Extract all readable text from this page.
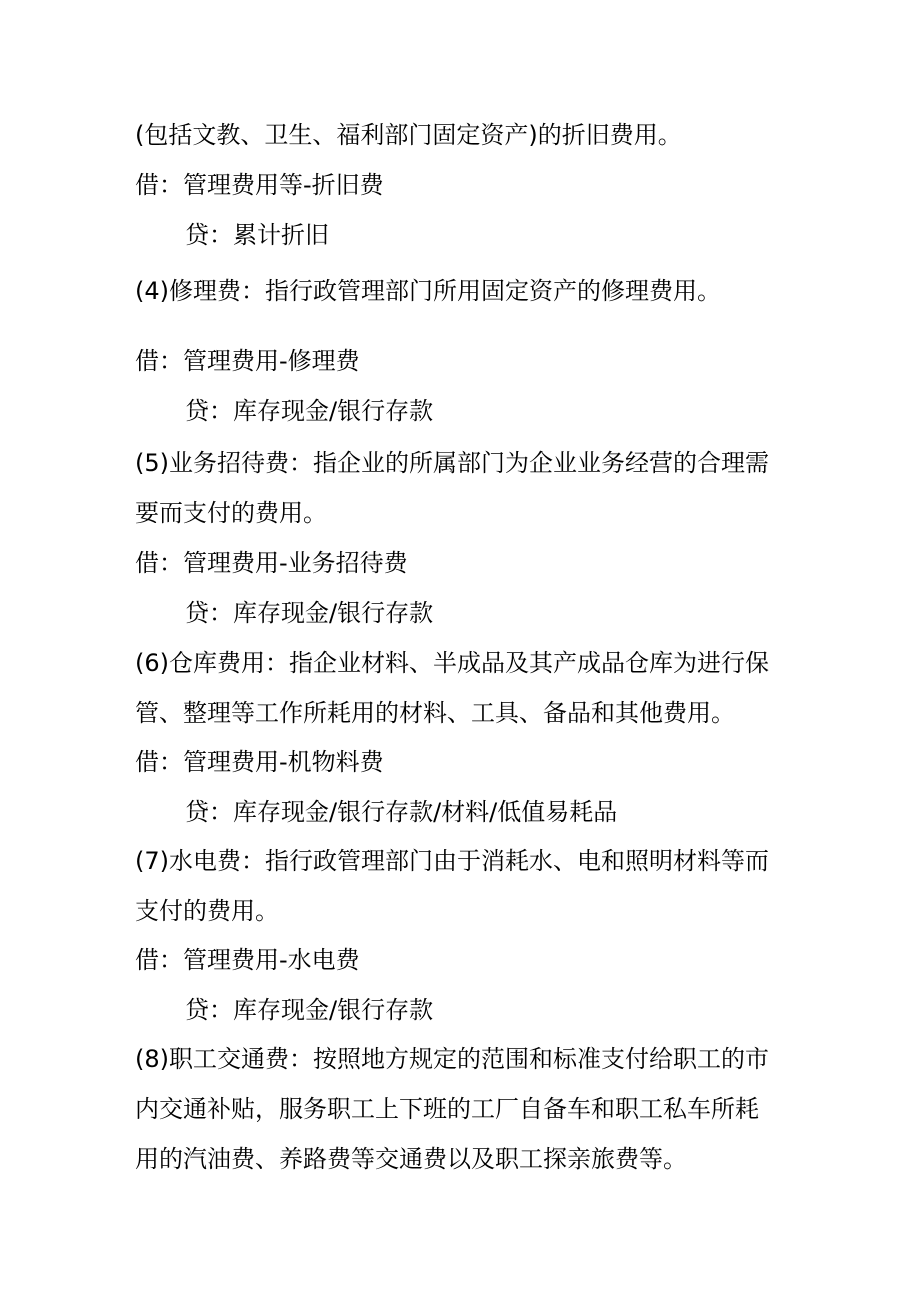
(包括文教、卫生、福利部门固定资产)的折旧费用。
借：管理费用等-折旧费
贷：累计折旧
(4)修理费：指行政管理部门所用固定资产的修理费用。
借：管理费用-修理费
贷：库存现金/银行存款
(5)业务招待费：指企业的所属部门为企业业务经营的合理需
要而支付的费用。
借：管理费用-业务招待费
贷：库存现金/银行存款
(6)仓库费用：指企业材料、半成品及其产成品仓库为进行保
管、整理等工作所耗用的材料、工具、备品和其他费用。
借：管理费用-机物料费
贷：库存现金/银行存款/材料/低值易耗品
(7)水电费：指行政管理部门由于消耗水、电和照明材料等而
支付的费用。
借：管理费用-水电费
贷：库存现金/银行存款
(8)职工交通费：按照地方规定的范围和标准支付给职工的市
内交通补贴，服务职工上下班的工厂自备车和职工私车所耗
用的汽油费、养路费等交通费以及职工探亲旅费等。
